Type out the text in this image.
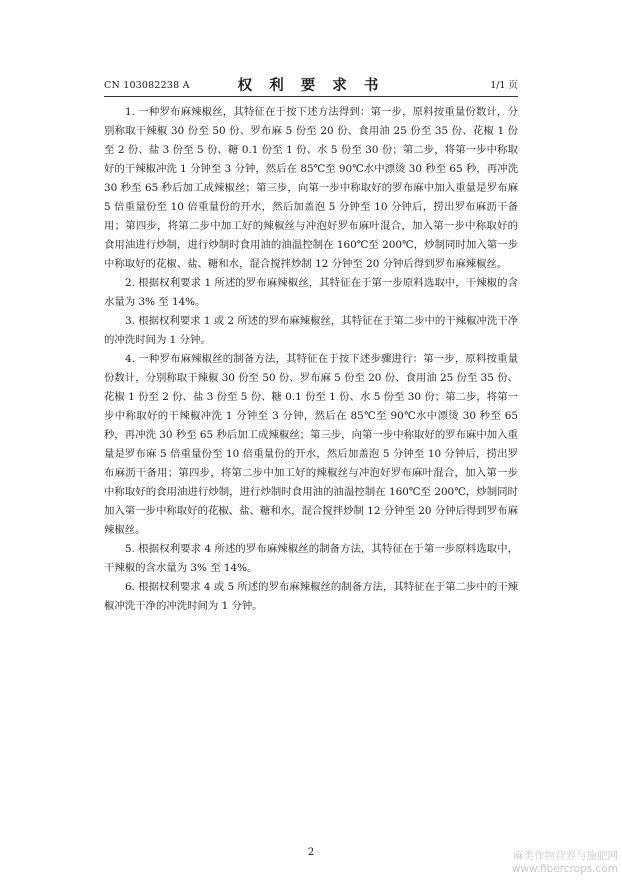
CN 103082238 A	权 利 要 求 书	1/1 页

1. 一种罗布麻辣椒丝，其特征在于按下述方法得到：第一步，原料按重量份数计，分别称取干辣椒 30 份至 50 份、罗布麻 5 份至 20 份、食用油 25 份至 35 份、花椒 1 份至 2 份、盐 3 份至 5 份、糖 0.1 份至 1 份、水 5 份至 30 份；第二步，将第一步中称取好的干辣椒冲洗 1 分钟至 3 分钟，然后在 85℃至 90℃水中漂烫 30 秒至 65 秒，再冲洗 30 秒至 65 秒后加工成辣椒丝；第三步，向第一步中称取好的罗布麻中加入重量是罗布麻 5 倍重量份至 10 倍重量份的开水，然后加盖泡 5 分钟至 10 分钟后，捞出罗布麻沥干备用；第四步，将第二步中加工好的辣椒丝与冲泡好罗布麻叶混合，加入第一步中称取好的食用油进行炒制，进行炒制时食用油的油温控制在 160℃至 200℃，炒制同时加入第一步中称取好的花椒、盐、糖和水，混合搅拌炒制 12 分钟至 20 分钟后得到罗布麻辣椒丝。

2. 根据权利要求 1 所述的罗布麻辣椒丝，其特征在于第一步原料选取中，干辣椒的含水量为 3% 至 14%。

3. 根据权利要求 1 或 2 所述的罗布麻辣椒丝，其特征在于第二步中的干辣椒冲洗干净的冲洗时间为 1 分钟。

4. 一种罗布麻辣椒丝的制备方法，其特征在于按下述步骤进行：第一步，原料按重量份数计，分别称取干辣椒 30 份至 50 份、罗布麻 5 份至 20 份、食用油 25 份至 35 份、花椒 1 份至 2 份、盐 3 份至 5 份、糖 0.1 份至 1 份、水 5 份至 30 份；第二步，将第一步中称取好的干辣椒冲洗 1 分钟至 3 分钟，然后在 85℃至 90℃水中漂烫 30 秒至 65 秒，再冲洗 30 秒至 65 秒后加工成辣椒丝；第三步，向第一步中称取好的罗布麻中加入重量是罗布麻 5 倍重量份至 10 倍重量份的开水，然后加盖泡 5 分钟至 10 分钟后，捞出罗布麻沥干备用；第四步，将第二步中加工好的辣椒丝与冲泡好罗布麻叶混合，加入第一步中称取好的食用油进行炒制，进行炒制时食用油的油温控制在 160℃至 200℃，炒制同时加入第一步中称取好的花椒、盐、糖和水，混合搅拌炒制 12 分钟至 20 分钟后得到罗布麻辣椒丝。

5. 根据权利要求 4 所述的罗布麻辣椒丝的制备方法，其特征在于第一步原料选取中，干辣椒的含水量为 3% 至 14%。

6. 根据权利要求 4 或 5 所述的罗布麻辣椒丝的制备方法，其特征在于第二步中的干辣椒冲洗干净的冲洗时间为 1 分钟。

2	麻类作物营养与施肥网
www.fibercrops.com
